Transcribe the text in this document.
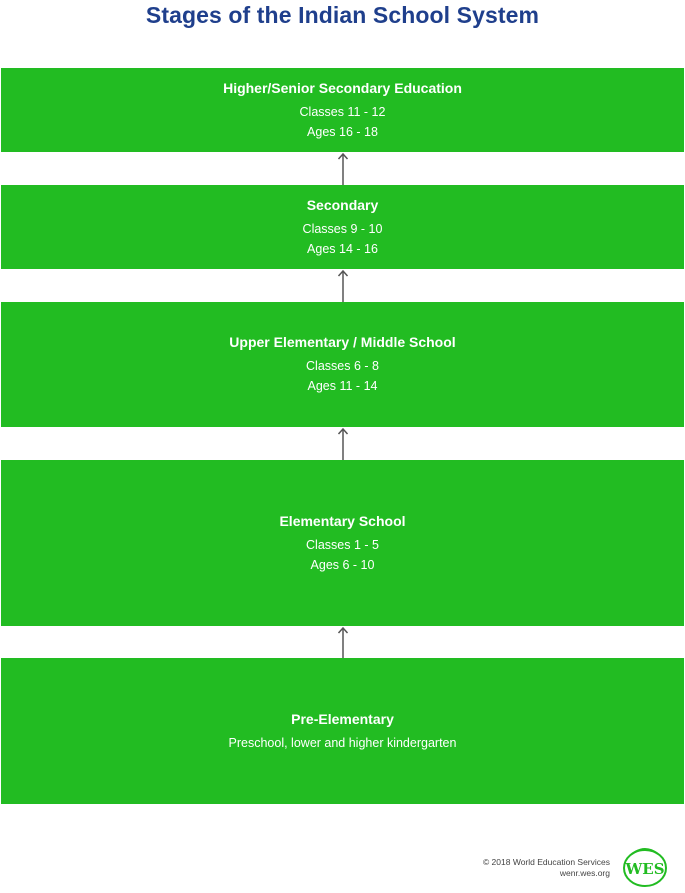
Stages of the Indian School System
Higher/Senior Secondary Education
Classes 11 - 12
Ages 16 - 18
Secondary
Classes 9 - 10
Ages 14 - 16
Upper Elementary / Middle School
Classes 6 - 8
Ages 11 - 14
Elementary School
Classes 1 - 5
Ages 6 - 10
Pre-Elementary
Preschool, lower and higher kindergarten
© 2018 World Education Services
wenr.wes.org WES
